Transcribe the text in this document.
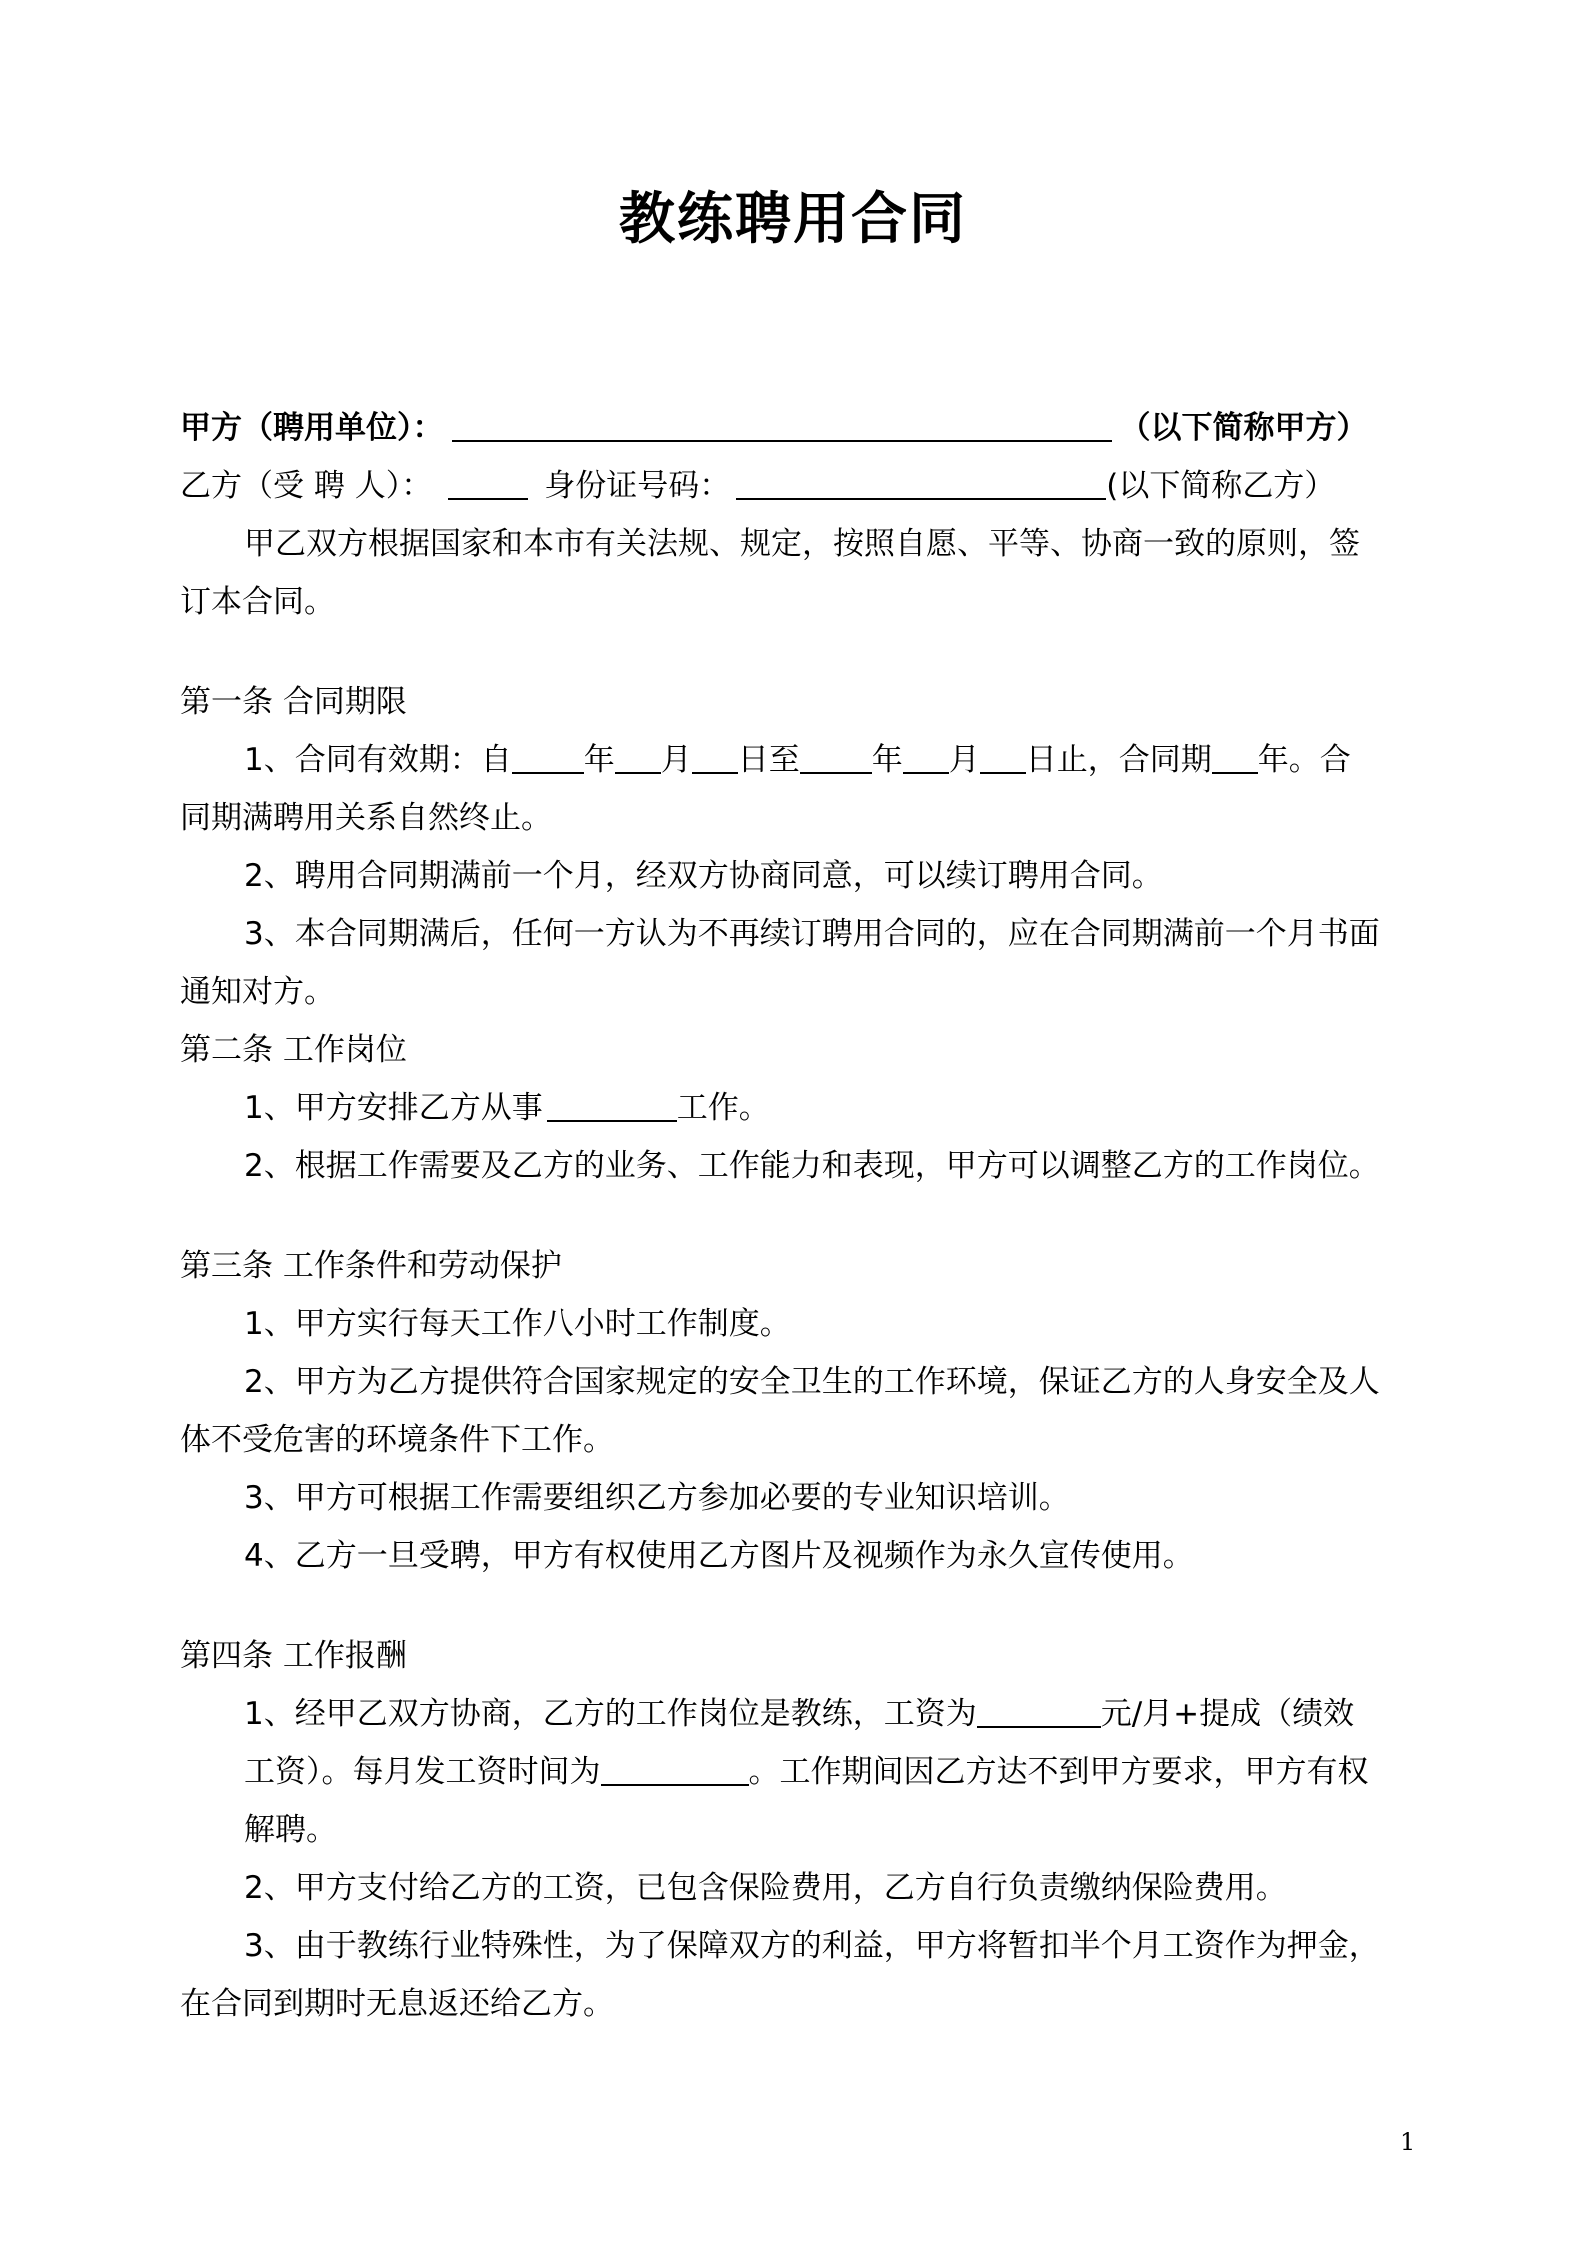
教练聘用合同
甲方（聘用单位）：	（以下简称甲方）
乙方（受 聘 人）：	身份证号码：	(以下简称乙方）
甲乙双方根据国家和本市有关法规、规定，按照自愿、平等、协商一致的原则，签
订本合同。
第一条 合同期限
1、合同有效期：自 年 月 日至 年 月 日止，合同期 年。合
同期满聘用关系自然终止。
2、聘用合同期满前一个月，经双方协商同意，可以续订聘用合同。
3、本合同期满后，任何一方认为不再续订聘用合同的，应在合同期满前一个月书面
通知对方。
第二条 工作岗位
1、甲方安排乙方从事	工作。
2、根据工作需要及乙方的业务、工作能力和表现，甲方可以调整乙方的工作岗位。
第三条 工作条件和劳动保护
1、甲方实行每天工作八小时工作制度。
2、甲方为乙方提供符合国家规定的安全卫生的工作环境，保证乙方的人身安全及人
体不受危害的环境条件下工作。
3、甲方可根据工作需要组织乙方参加必要的专业知识培训。
4、乙方一旦受聘，甲方有权使用乙方图片及视频作为永久宣传使用。
第四条 工作报酬
1、经甲乙双方协商，乙方的工作岗位是教练，工资为	元/月+提成（绩效
工资）。每月发工资时间为	。工作期间因乙方达不到甲方要求，甲方有权
解聘。
2、甲方支付给乙方的工资，已包含保险费用，乙方自行负责缴纳保险费用。
3、由于教练行业特殊性，为了保障双方的利益，甲方将暂扣半个月工资作为押金，
在合同到期时无息返还给乙方。
1
